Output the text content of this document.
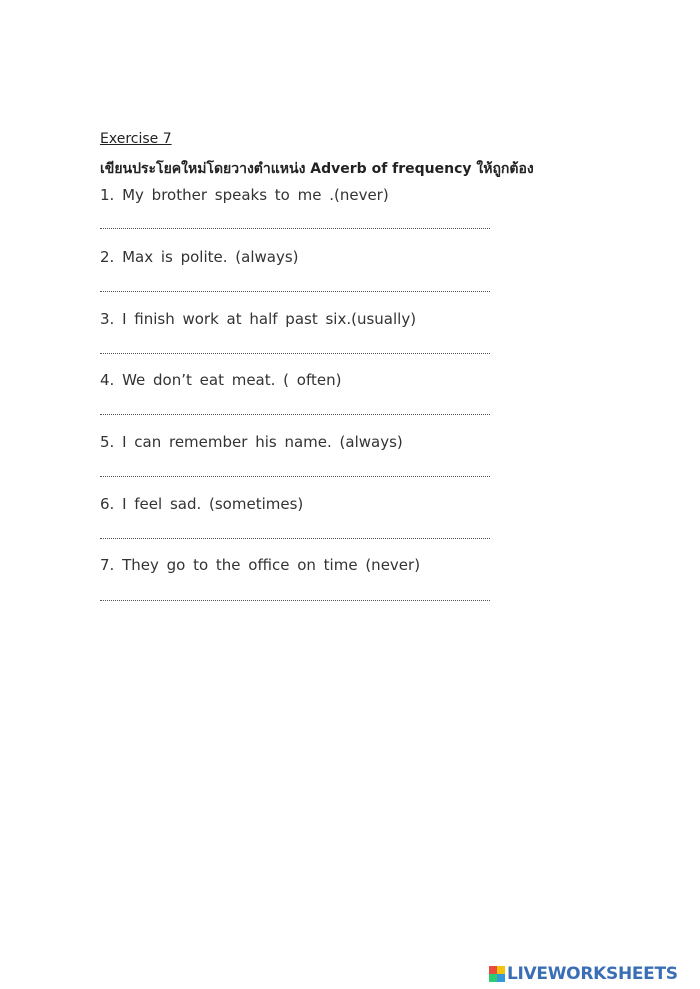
Exercise 7
เขียนประโยคใหม่โดยวางตำแหน่ง Adverb of frequency ให้ถูกต้อง
1. My brother speaks to me .(never)
2. Max is polite. (always)
3. I finish work at half past six.(usually)
4. We don’t eat meat. ( often)
5. I can remember his name. (always)
6. I feel sad. (sometimes)
7. They go to the office on time (never)
LIVEWORKSHEETS
